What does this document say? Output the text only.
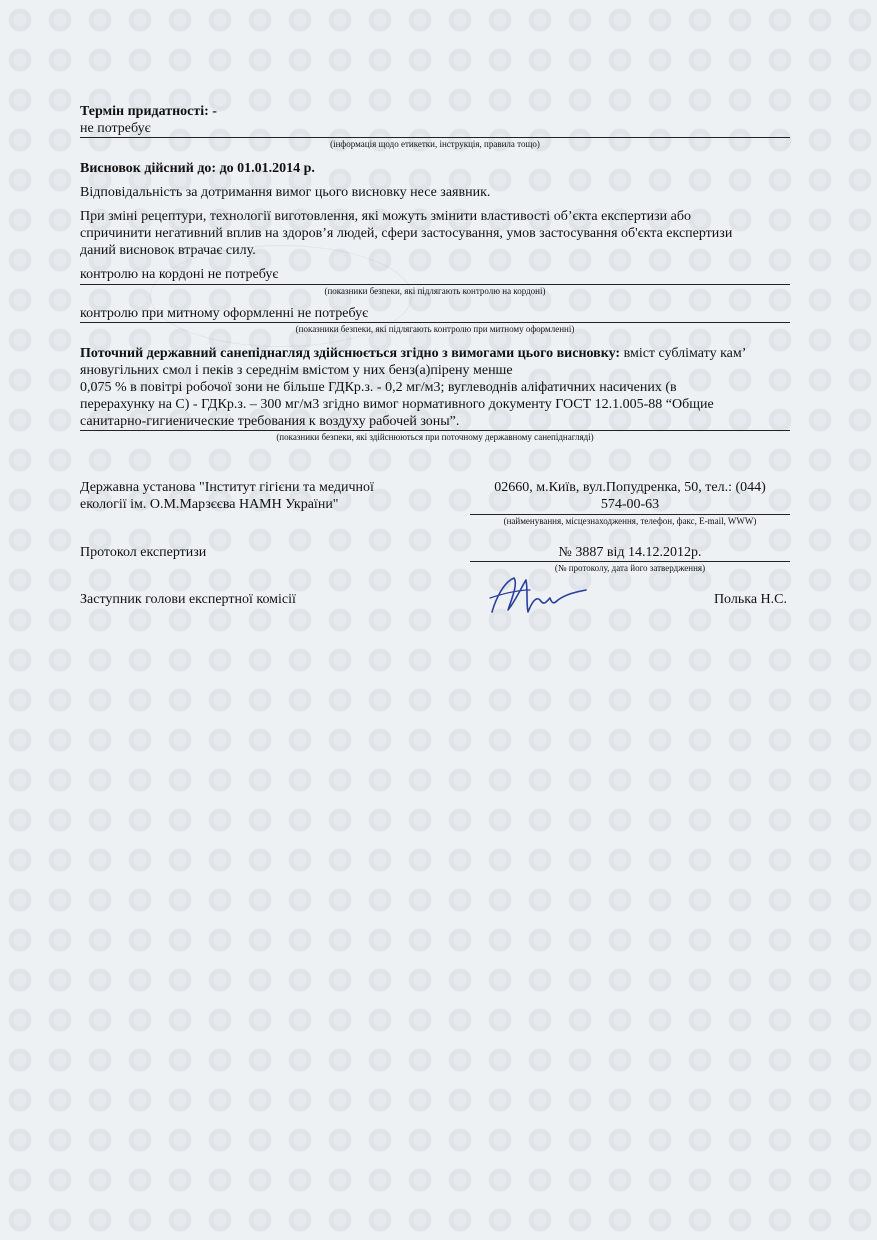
Термін придатності: -
не потребує
(інформація щодо етикетки, інструкція, правила тощо)
Висновок дійсний до: до 01.01.2014 р.
Відповідальність за дотримання вимог цього висновку несе заявник.
При зміні рецептури, технології виготовлення, які можуть змінити властивості об’єкта експертизи або
спричинити негативний вплив на здоров’я людей, сфери застосування, умов застосування об'єкта експертизи
даний висновок втрачає силу.
контролю на кордоні не потребує
(показники безпеки, які підлягають контролю на кордоні)
контролю при митному оформленні не потребує
(показники безпеки, які підлягають контролю при митному оформленні)
Поточний державний санепіднагляд здійснюється згідно з вимогами цього висновку: вміст сублімату кам’
яновугільних смол і пеків з середнім вмістом у них бенз(а)пірену менше
0,075 % в повітрі робочої зони не більше ГДКр.з. - 0,2 мг/м3; вуглеводнів аліфатичних насичених (в
перерахунку на С) - ГДКр.з. – 300 мг/м3 згідно вимог нормативного документу ГОСТ 12.1.005-88 “Общие
санитарно-гигиенические требования к воздуху рабочей зоны”.
(показники безпеки, які здійснюються при поточному державному санепіднагляді)
Державна установа "Інститут гігієни та медичної
екології ім. О.М.Марзєєва НАМН України"
02660, м.Київ, вул.Попудренка, 50, тел.: (044)
574-00-63
(найменування, місцезнаходження, телефон, факс, E-mail, WWW)
Протокол експертизи	№ 3887 від 14.12.2012р.
(№ протоколу, дата його затвердження)
Заступник голови експертної комісії	Полька Н.С.
